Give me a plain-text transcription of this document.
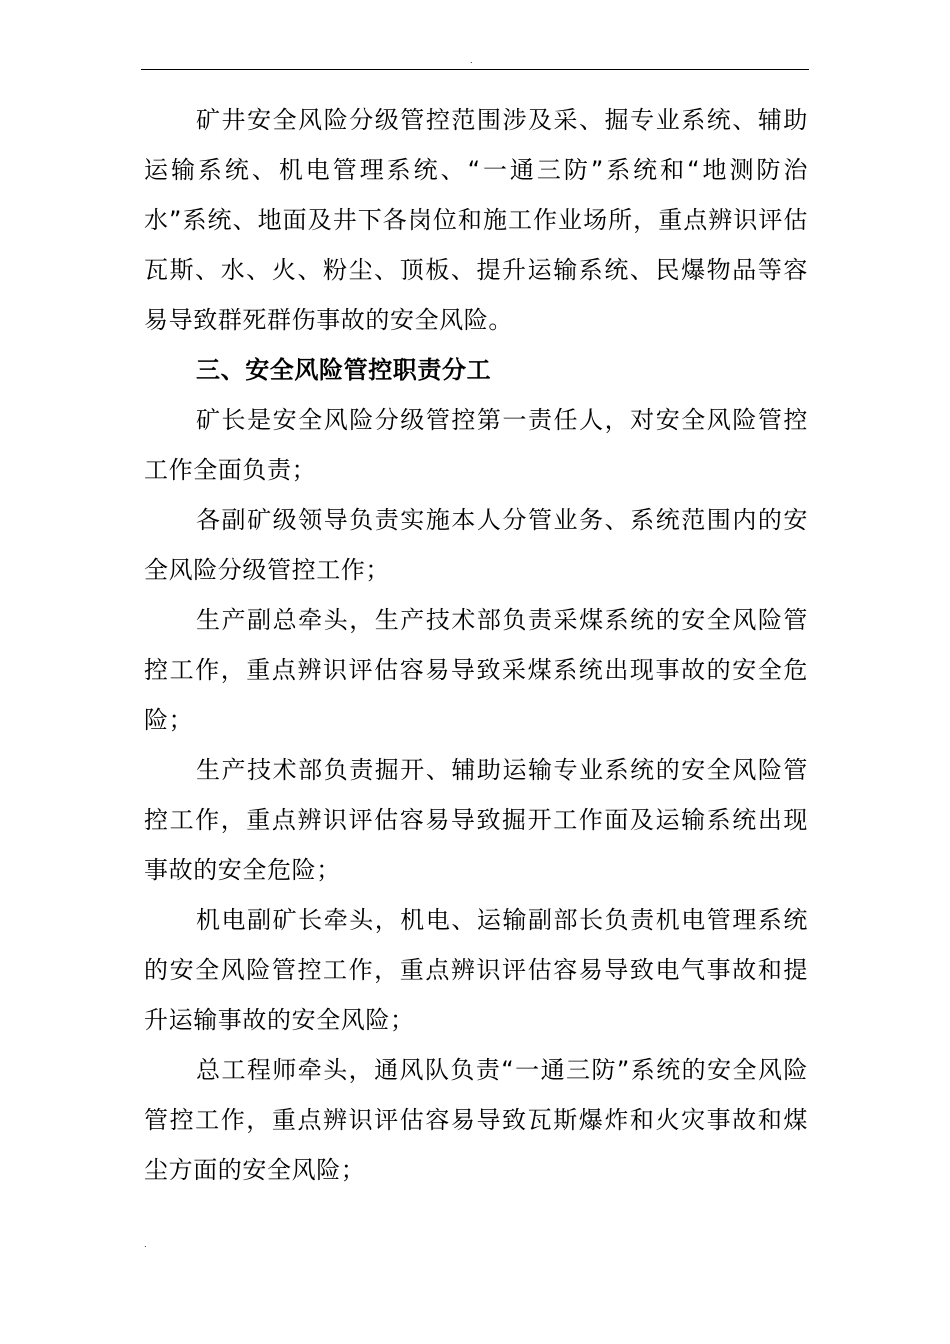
.

矿井安全风险分级管控范围涉及采、掘专业系统、辅助运输系统、机电管理系统、“一通三防”系统和“地测防治水”系统、地面及井下各岗位和施工作业场所，重点辨识评估瓦斯、水、火、粉尘、顶板、提升运输系统、民爆物品等容易导致群死群伤事故的安全风险。

三、安全风险管控职责分工

矿长是安全风险分级管控第一责任人，对安全风险管控工作全面负责；

各副矿级领导负责实施本人分管业务、系统范围内的安全风险分级管控工作；

生产副总牵头，生产技术部负责采煤系统的安全风险管控工作，重点辨识评估容易导致采煤系统出现事故的安全危险；

生产技术部负责掘开、辅助运输专业系统的安全风险管控工作，重点辨识评估容易导致掘开工作面及运输系统出现事故的安全危险；

机电副矿长牵头，机电、运输副部长负责机电管理系统的安全风险管控工作，重点辨识评估容易导致电气事故和提升运输事故的安全风险；

总工程师牵头，通风队负责“一通三防”系统的安全风险管控工作，重点辨识评估容易导致瓦斯爆炸和火灾事故和煤尘方面的安全风险；

.
